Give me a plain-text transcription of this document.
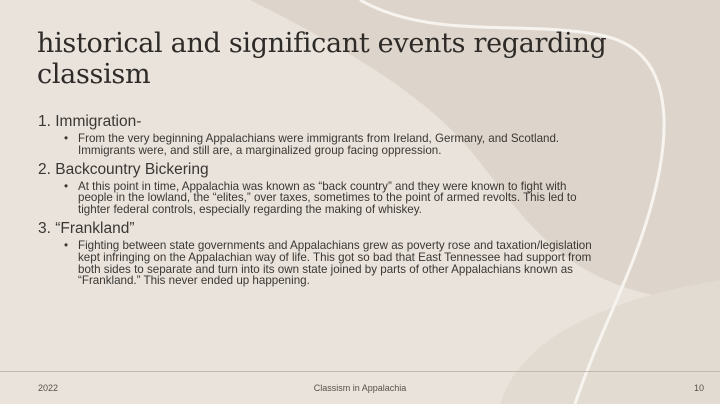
historical and significant events regarding classism

1. Immigration-

• From the very beginning Appalachians were immigrants from Ireland, Germany, and Scotland. Immigrants were, and still are, a marginalized group facing oppression.

2. Backcountry Bickering

• At this point in time, Appalachia was known as “back country” and they were known to fight with people in the lowland, the “elites,” over taxes, sometimes to the point of armed revolts. This led to tighter federal controls, especially regarding the making of whiskey.

3. “Frankland”

• Fighting between state governments and Appalachians grew as poverty rose and taxation/legislation kept infringing on the Appalachian way of life. This got so bad that East Tennessee had support from both sides to separate and turn into its own state joined by parts of other Appalachians known as “Frankland.” This never ended up happening.
2022	Classism in Appalachia	10
